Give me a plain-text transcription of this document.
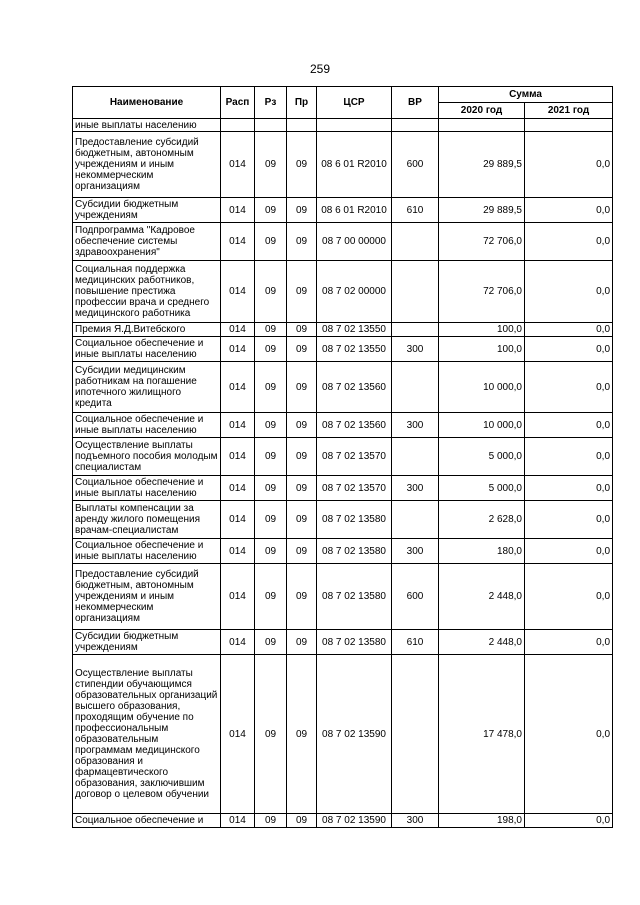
259
Наименование	Расп	Рз	Пр	ЦСР	ВР	Сумма	
						2020 год	2021 год
иные выплаты населению							
Предоставление субсидий бюджетным, автономным учреждениям и иным некоммерческим организациям	014	09	09	08 6 01 R2010	600	29 889,5	0,0
Субсидии бюджетным учреждениям	014	09	09	08 6 01 R2010	610	29 889,5	0,0
Подпрограмма "Кадровое обеспечение системы здравоохранения"	014	09	09	08 7 00 00000		72 706,0	0,0
Социальная поддержка медицинских работников, повышение престижа профессии врача и среднего медицинского работника	014	09	09	08 7 02 00000		72 706,0	0,0
Премия Я.Д.Витебского	014	09	09	08 7 02 13550		100,0	0,0
Социальное обеспечение и иные выплаты населению	014	09	09	08 7 02 13550	300	100,0	0,0
Субсидии медицинским работникам на погашение ипотечного жилищного кредита	014	09	09	08 7 02 13560		10 000,0	0,0
Социальное обеспечение и иные выплаты населению	014	09	09	08 7 02 13560	300	10 000,0	0,0
Осуществление выплаты подъемного пособия молодым специалистам	014	09	09	08 7 02 13570		5 000,0	0,0
Социальное обеспечение и иные выплаты населению	014	09	09	08 7 02 13570	300	5 000,0	0,0
Выплаты компенсации за аренду жилого помещения врачам-специалистам	014	09	09	08 7 02 13580		2 628,0	0,0
Социальное обеспечение и иные выплаты населению	014	09	09	08 7 02 13580	300	180,0	0,0
Предоставление субсидий бюджетным, автономным учреждениям и иным некоммерческим организациям	014	09	09	08 7 02 13580	600	2 448,0	0,0
Субсидии бюджетным учреждениям	014	09	09	08 7 02 13580	610	2 448,0	0,0
Осуществление выплаты стипендии обучающимся образовательных организаций высшего образования, проходящим обучение по профессиональным образовательным программам медицинского образования и фармацевтического образования, заключившим договор о целевом обучении	014	09	09	08 7 02 13590		17 478,0	0,0
Социальное обеспечение и	014	09	09	08 7 02 13590	300	198,0	0,0
